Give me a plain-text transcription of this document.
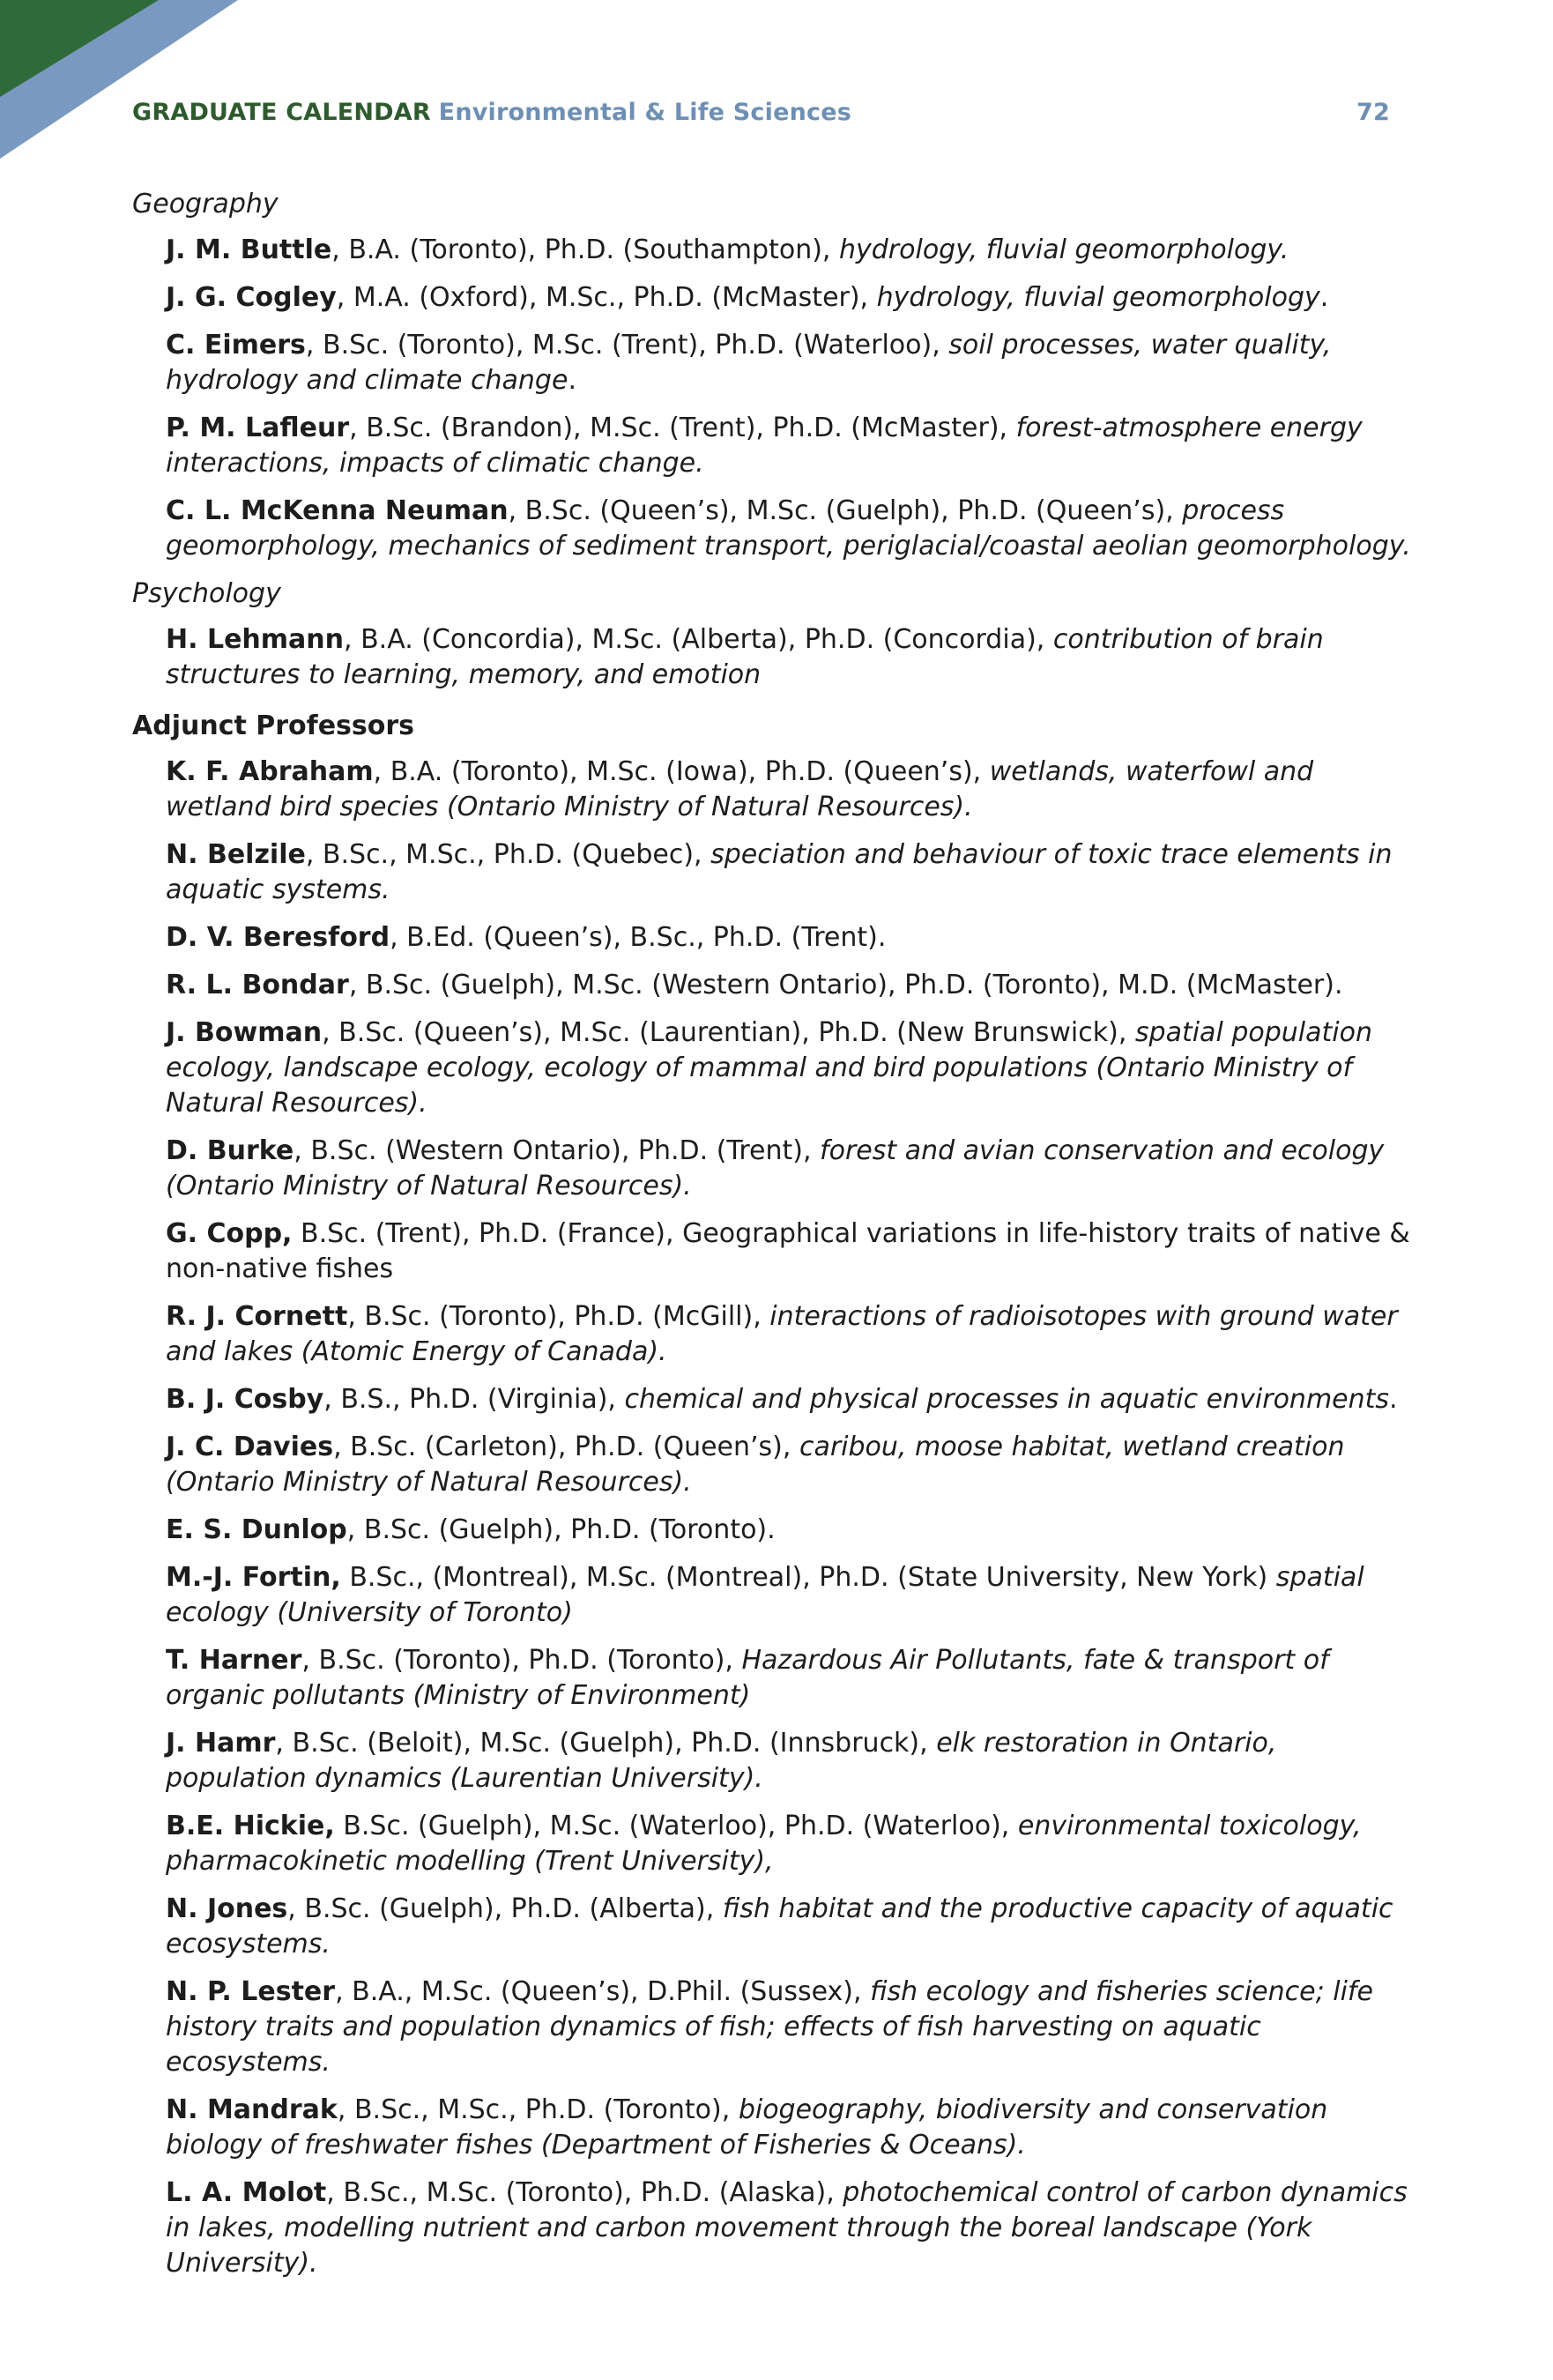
GRADUATE CALENDAR Environmental & Life Sciences	72
Geography
J. M. Buttle, B.A. (Toronto), Ph.D. (Southampton), hydrology, fluvial geomorphology.
J. G. Cogley, M.A. (Oxford), M.Sc., Ph.D. (McMaster), hydrology, fluvial geomorphology.
C. Eimers, B.Sc. (Toronto), M.Sc. (Trent), Ph.D. (Waterloo), soil processes, water quality, hydrology and climate change.
P. M. Lafleur, B.Sc. (Brandon), M.Sc. (Trent), Ph.D. (McMaster), forest-atmosphere energy interactions, impacts of climatic change.
C. L. McKenna Neuman, B.Sc. (Queen’s), M.Sc. (Guelph), Ph.D. (Queen’s), process geomorphology, mechanics of sediment transport, periglacial/coastal aeolian geomorphology.
Psychology
H. Lehmann, B.A. (Concordia), M.Sc. (Alberta), Ph.D. (Concordia), contribution of brain structures to learning, memory, and emotion
Adjunct Professors
K. F. Abraham, B.A. (Toronto), M.Sc. (Iowa), Ph.D. (Queen’s), wetlands, waterfowl and wetland bird species (Ontario Ministry of Natural Resources).
N. Belzile, B.Sc., M.Sc., Ph.D. (Quebec), speciation and behaviour of toxic trace elements in aquatic systems.
D. V. Beresford, B.Ed. (Queen’s), B.Sc., Ph.D. (Trent).
R. L. Bondar, B.Sc. (Guelph), M.Sc. (Western Ontario), Ph.D. (Toronto), M.D. (McMaster).
J. Bowman, B.Sc. (Queen’s), M.Sc. (Laurentian), Ph.D. (New Brunswick), spatial population ecology, landscape ecology, ecology of mammal and bird populations (Ontario Ministry of Natural Resources).
D. Burke, B.Sc. (Western Ontario), Ph.D. (Trent), forest and avian conservation and ecology (Ontario Ministry of Natural Resources).
G. Copp, B.Sc. (Trent), Ph.D. (France), Geographical variations in life-history traits of native & non-native fishes
R. J. Cornett, B.Sc. (Toronto), Ph.D. (McGill), interactions of radioisotopes with ground water and lakes (Atomic Energy of Canada).
B. J. Cosby, B.S., Ph.D. (Virginia), chemical and physical processes in aquatic environments.
J. C. Davies, B.Sc. (Carleton), Ph.D. (Queen’s), caribou, moose habitat, wetland creation (Ontario Ministry of Natural Resources).
E. S. Dunlop, B.Sc. (Guelph), Ph.D. (Toronto).
M.-J. Fortin, B.Sc., (Montreal), M.Sc. (Montreal), Ph.D. (State University, New York) spatial ecology (University of Toronto)
T. Harner, B.Sc. (Toronto), Ph.D. (Toronto), Hazardous Air Pollutants, fate & transport of organic pollutants (Ministry of Environment)
J. Hamr, B.Sc. (Beloit), M.Sc. (Guelph), Ph.D. (Innsbruck), elk restoration in Ontario, population dynamics (Laurentian University).
B.E. Hickie, B.Sc. (Guelph), M.Sc. (Waterloo), Ph.D. (Waterloo), environmental toxicology, pharmacokinetic modelling (Trent University),
N. Jones, B.Sc. (Guelph), Ph.D. (Alberta), fish habitat and the productive capacity of aquatic ecosystems.
N. P. Lester, B.A., M.Sc. (Queen’s), D.Phil. (Sussex), fish ecology and fisheries science; life history traits and population dynamics of fish; effects of fish harvesting on aquatic ecosystems.
N. Mandrak, B.Sc., M.Sc., Ph.D. (Toronto), biogeography, biodiversity and conservation biology of freshwater fishes (Department of Fisheries & Oceans).
L. A. Molot, B.Sc., M.Sc. (Toronto), Ph.D. (Alaska), photochemical control of carbon dynamics in lakes, modelling nutrient and carbon movement through the boreal landscape (York University).
